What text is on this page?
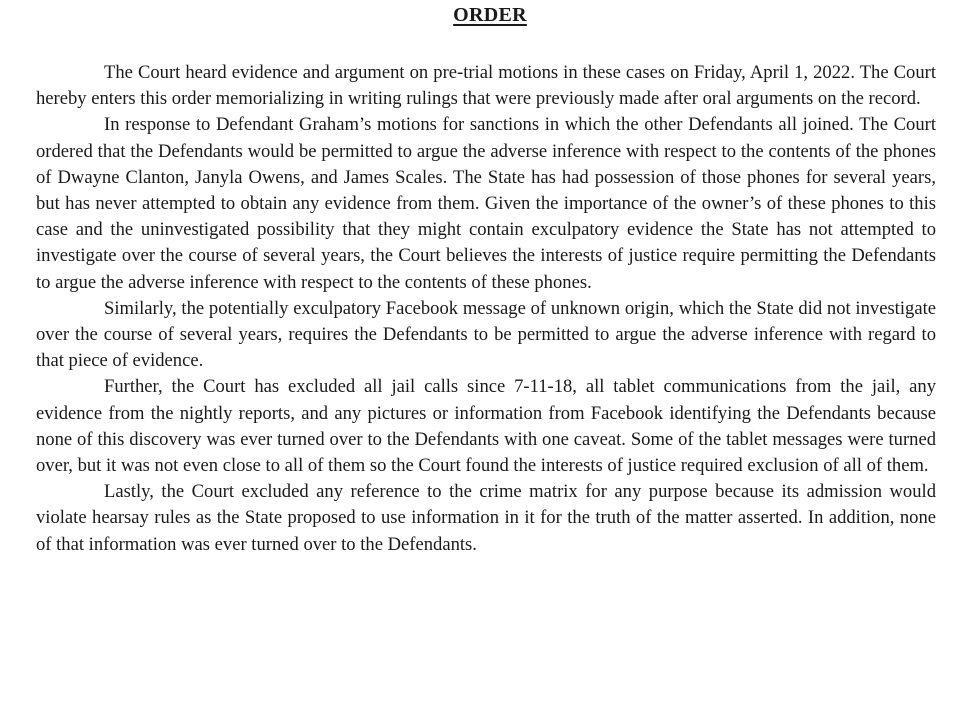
ORDER

The Court heard evidence and argument on pre-trial motions in these cases on Friday, April 1, 2022. The Court hereby enters this order memorializing in writing rulings that were previously made after oral arguments on the record.

In response to Defendant Graham’s motions for sanctions in which the other Defendants all joined. The Court ordered that the Defendants would be permitted to argue the adverse inference with respect to the contents of the phones of Dwayne Clanton, Janyla Owens, and James Scales. The State has had possession of those phones for several years, but has never attempted to obtain any evidence from them. Given the importance of the owner’s of these phones to this case and the uninvestigated possibility that they might contain exculpatory evidence the State has not attempted to investigate over the course of several years, the Court believes the interests of justice require permitting the Defendants to argue the adverse inference with respect to the contents of these phones.

Similarly, the potentially exculpatory Facebook message of unknown origin, which the State did not investigate over the course of several years, requires the Defendants to be permitted to argue the adverse inference with regard to that piece of evidence.

Further, the Court has excluded all jail calls since 7-11-18, all tablet communications from the jail, any evidence from the nightly reports, and any pictures or information from Facebook identifying the Defendants because none of this discovery was ever turned over to the Defendants with one caveat. Some of the tablet messages were turned over, but it was not even close to all of them so the Court found the interests of justice required exclusion of all of them.

Lastly, the Court excluded any reference to the crime matrix for any purpose because its admission would violate hearsay rules as the State proposed to use information in it for the truth of the matter asserted. In addition, none of that information was ever turned over to the Defendants.
